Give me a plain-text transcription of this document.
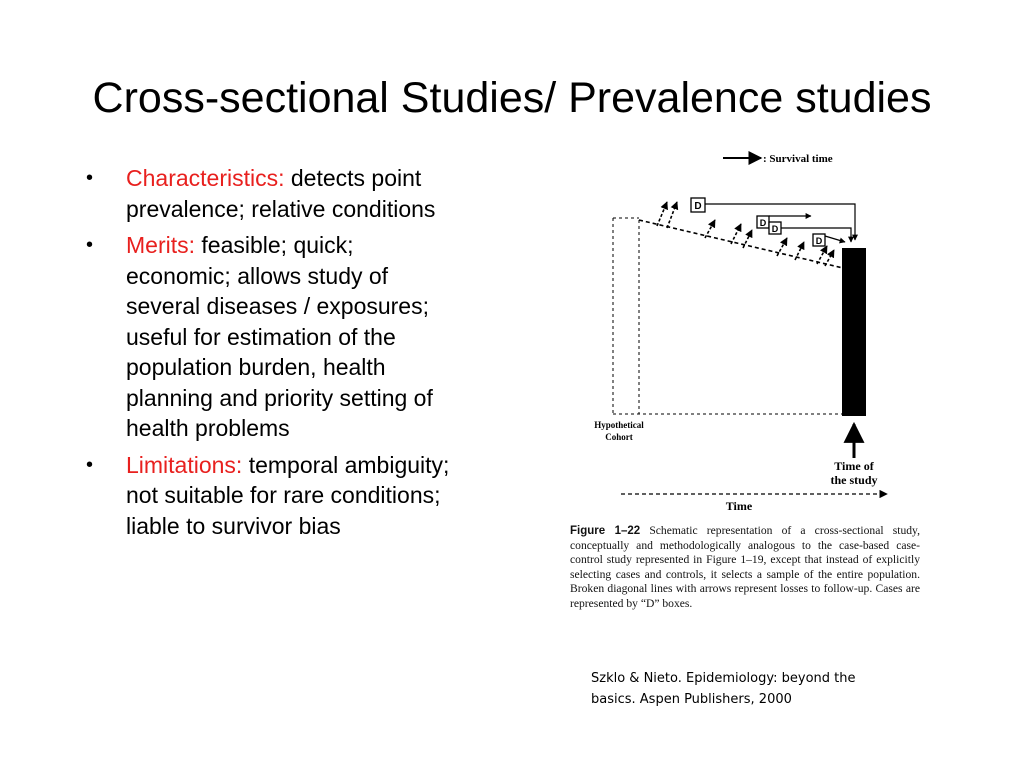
Cross-sectional Studies/ Prevalence studies
• Characteristics: detects point prevalence; relative conditions
• Merits: feasible; quick; economic; allows study of several diseases / exposures; useful for estimation of the population burden, health planning and priority setting of health problems
• Limitations: temporal ambiguity; not suitable for rare conditions; liable to survivor bias
: Survival time
D
D
D
D
Time of
the study
Hypothetical
Cohort
Time
Figure 1–22 Schematic representation of a cross-sectional study, conceptually and methodologically analogous to the case-based case-control study represented in Figure 1–19, except that instead of explicitly selecting cases and controls, it selects a sample of the entire population. Broken diagonal lines with arrows represent losses to follow-up. Cases are represented by “D” boxes.
Szklo & Nieto. Epidemiology: beyond the basics. Aspen Publishers, 2000
